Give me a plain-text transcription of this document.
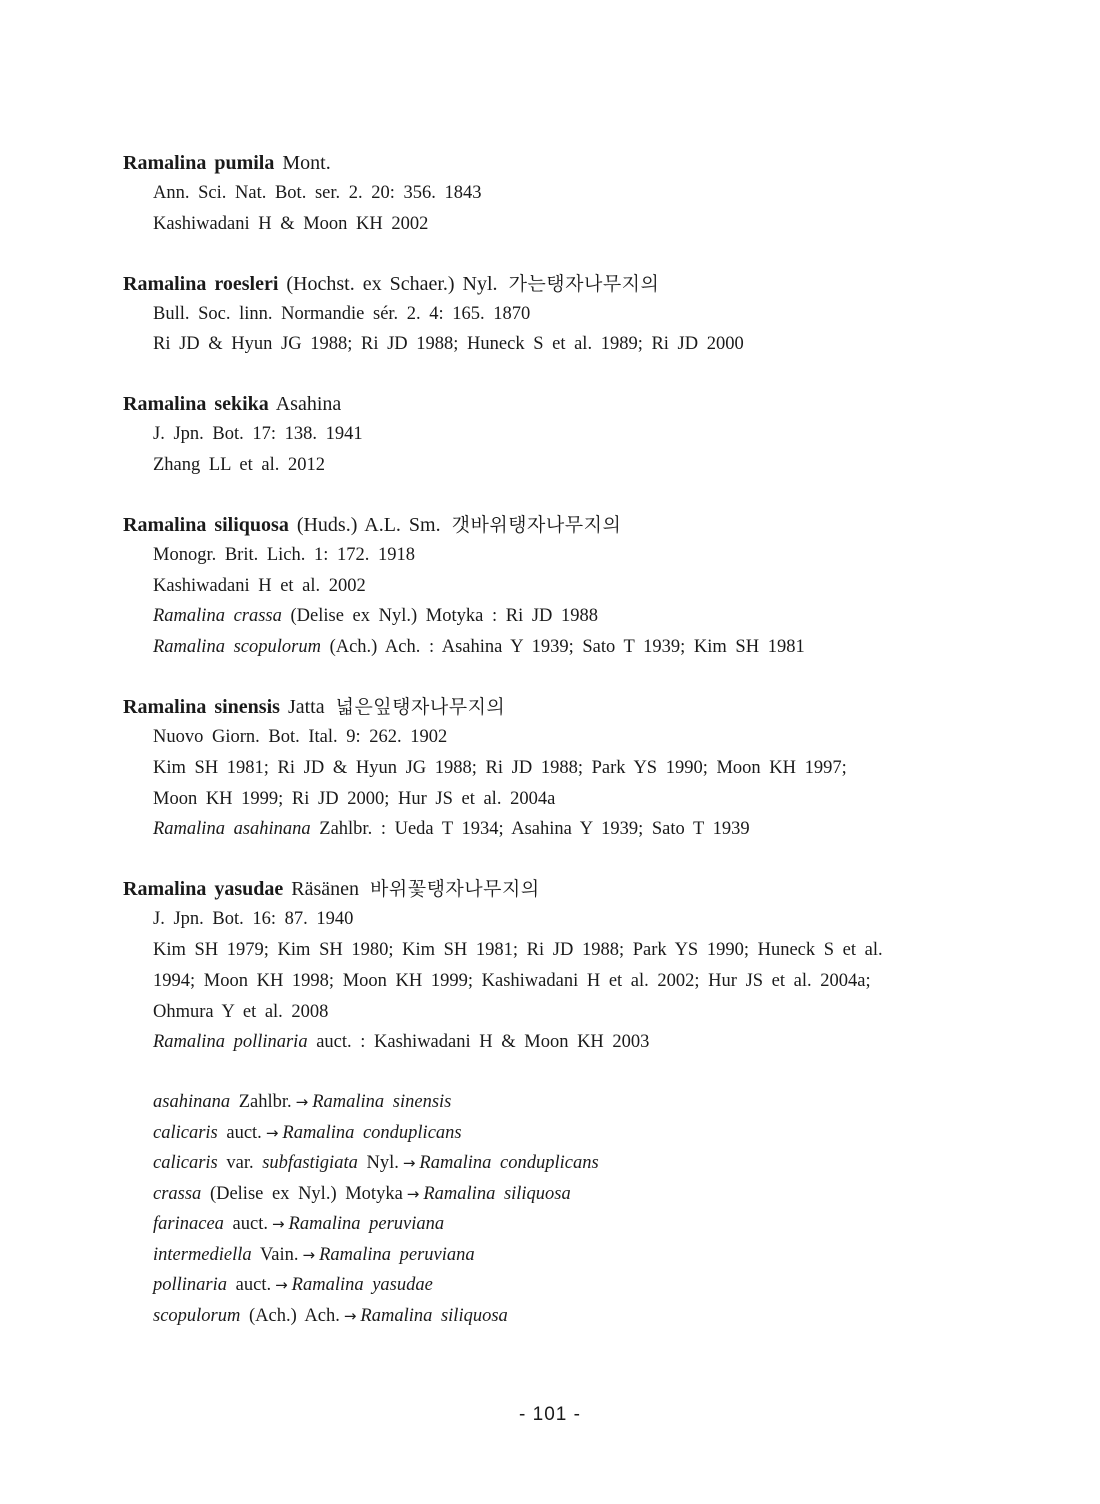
Ramalina pumila Mont.
Ann. Sci. Nat. Bot. ser. 2. 20: 356. 1843
Kashiwadani H & Moon KH 2002
Ramalina roesleri (Hochst. ex Schaer.) Nyl. 가는탱자나무지의
Bull. Soc. linn. Normandie sér. 2. 4: 165. 1870
Ri JD & Hyun JG 1988; Ri JD 1988; Huneck S et al. 1989; Ri JD 2000
Ramalina sekika Asahina
J. Jpn. Bot. 17: 138. 1941
Zhang LL et al. 2012
Ramalina siliquosa (Huds.) A.L. Sm. 갯바위탱자나무지의
Monogr. Brit. Lich. 1: 172. 1918
Kashiwadani H et al. 2002
Ramalina crassa (Delise ex Nyl.) Motyka : Ri JD 1988
Ramalina scopulorum (Ach.) Ach. : Asahina Y 1939; Sato T 1939; Kim SH 1981
Ramalina sinensis Jatta 넓은잎탱자나무지의
Nuovo Giorn. Bot. Ital. 9: 262. 1902
Kim SH 1981; Ri JD & Hyun JG 1988; Ri JD 1988; Park YS 1990; Moon KH 1997;
Moon KH 1999; Ri JD 2000; Hur JS et al. 2004a
Ramalina asahinana Zahlbr. : Ueda T 1934; Asahina Y 1939; Sato T 1939
Ramalina yasudae Räsänen 바위꽃탱자나무지의
J. Jpn. Bot. 16: 87. 1940
Kim SH 1979; Kim SH 1980; Kim SH 1981; Ri JD 1988; Park YS 1990; Huneck S et al.
1994; Moon KH 1998; Moon KH 1999; Kashiwadani H et al. 2002; Hur JS et al. 2004a;
Ohmura Y et al. 2008
Ramalina pollinaria auct. : Kashiwadani H & Moon KH 2003
asahinana Zahlbr. → Ramalina sinensis
calicaris auct. → Ramalina conduplicans
calicaris var. subfastigiata Nyl. → Ramalina conduplicans
crassa (Delise ex Nyl.) Motyka → Ramalina siliquosa
farinacea auct. → Ramalina peruviana
intermediella Vain. → Ramalina peruviana
pollinaria auct. → Ramalina yasudae
scopulorum (Ach.) Ach. → Ramalina siliquosa
- 101 -
